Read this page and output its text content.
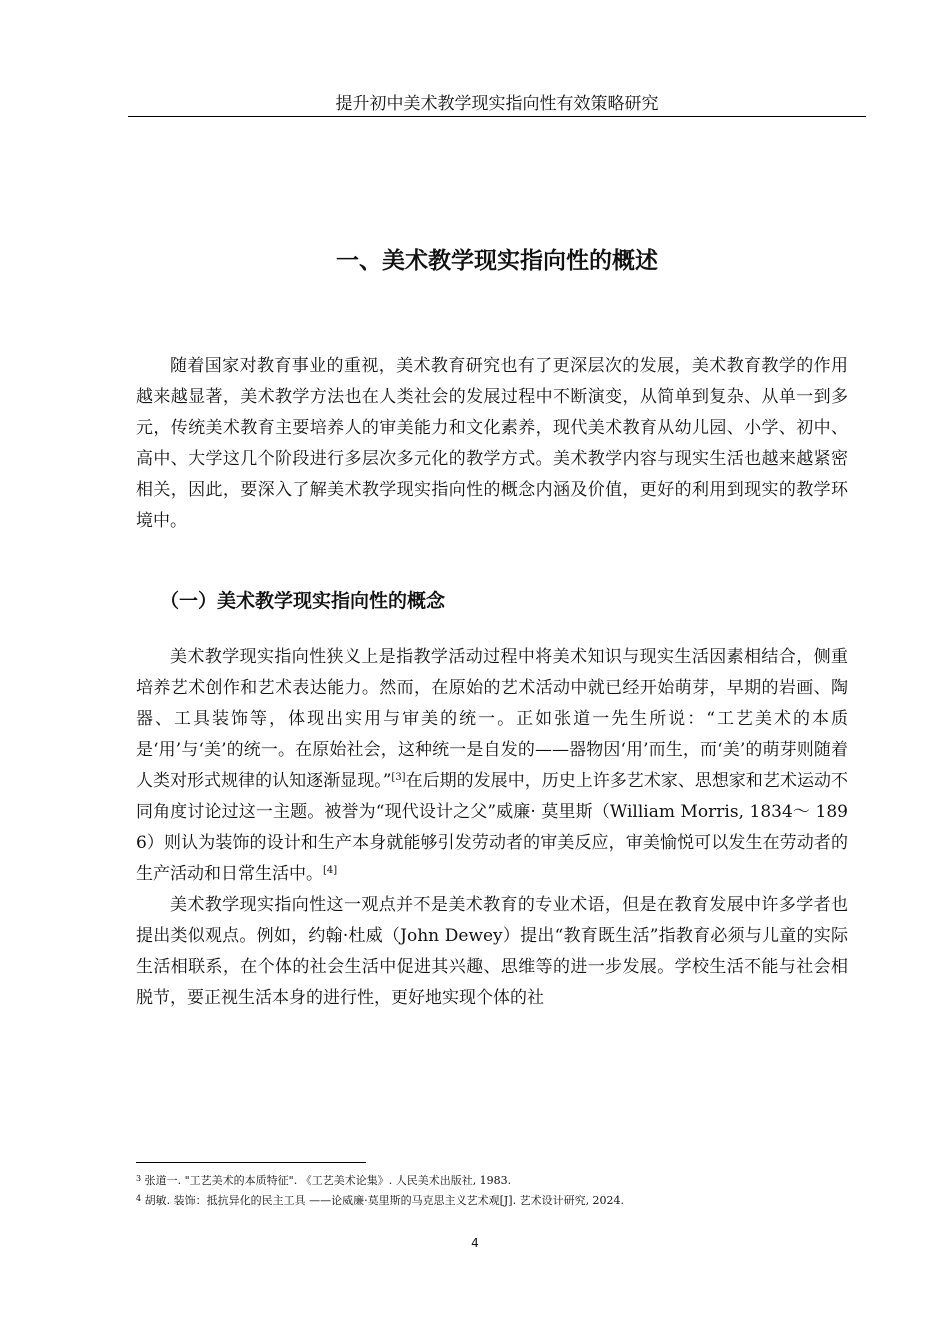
提升初中美术教学现实指向性有效策略研究
一、美术教学现实指向性的概述

随着国家对教育事业的重视，美术教育研究也有了更深层次的发展，美术教育教学的作用越来越显著，美术教学方法也在人类社会的发展过程中不断演变，从简单到复杂、从单一到多元，传统美术教育主要培养人的审美能力和文化素养，现代美术教育从幼儿园、小学、初中、高中、大学这几个阶段进行多层次多元化的教学方式。美术教学内容与现实生活也越来越紧密相关，因此，要深入了解美术教学现实指向性的概念内涵及价值，更好的利用到现实的教学环境中。

（一）美术教学现实指向性的概念

美术教学现实指向性狭义上是指教学活动过程中将美术知识与现实生活因素相结合，侧重培养艺术创作和艺术表达能力。然而，在原始的艺术活动中就已经开始萌芽，早期的岩画、陶器、工具装饰等，体现出实用与审美的统一。正如张道一先生所说：“工艺美术的本质是‘用’与‘美’的统一。在原始社会，这种统一是自发的——器物因‘用’而生，而‘美’的萌芽则随着人类对形式规律的认知逐渐显现。”[3]在后期的发展中，历史上许多艺术家、思想家和艺术运动不同角度讨论过这一主题。被誉为“现代设计之父”威廉· 莫里斯（William Morris, 1834～ 1896）则认为装饰的设计和生产本身就能够引发劳动者的审美反应，审美愉悦可以发生在劳动者的生产活动和日常生活中。[4]

美术教学现实指向性这一观点并不是美术教育的专业术语，但是在教育发展中许多学者也提出类似观点。例如，约翰·杜威（John Dewey）提出“教育既生活”指教育必须与儿童的实际生活相联系，在个体的社会生活中促进其兴趣、思维等的进一步发展。学校生活不能与社会相脱节，要正视生活本身的进行性，更好地实现个体的社

$^3$ 张道一. "工艺美术的本质特征". 《工艺美术论集》. 人民美术出版社, 1983.

$^4$ 胡敏. 装饰：抵抗异化的民主工具 ——论威廉·莫里斯的马克思主义艺术观[J]. 艺术设计研究, 2024.

4
